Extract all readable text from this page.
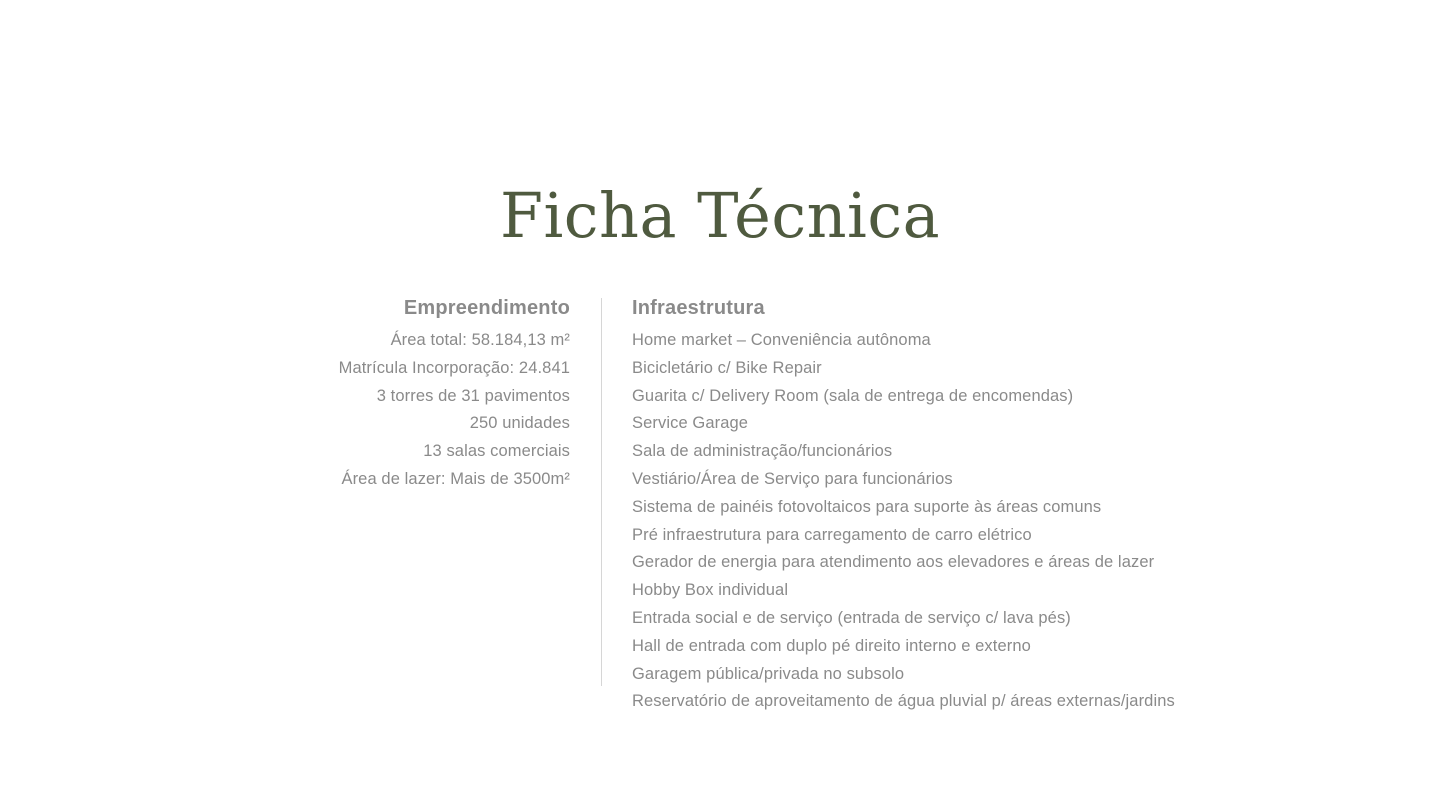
Ficha Técnica
Empreendimento
Área total: 58.184,13 m²
Matrícula Incorporação: 24.841
3 torres de 31 pavimentos
250 unidades
13 salas comerciais
Área de lazer: Mais de 3500m²
Infraestrutura
Home market – Conveniência autônoma
Bicicletário c/ Bike Repair
Guarita c/ Delivery Room (sala de entrega de encomendas)
Service Garage
Sala de administração/funcionários
Vestiário/Área de Serviço para funcionários
Sistema de painéis fotovoltaicos para suporte às áreas comuns
Pré infraestrutura para carregamento de carro elétrico
Gerador de energia para atendimento aos elevadores e áreas de lazer
Hobby Box individual
Entrada social e de serviço (entrada de serviço c/ lava pés)
Hall de entrada com duplo pé direito interno e externo
Garagem pública/privada no subsolo
Reservatório de aproveitamento de água pluvial p/ áreas externas/jardins
